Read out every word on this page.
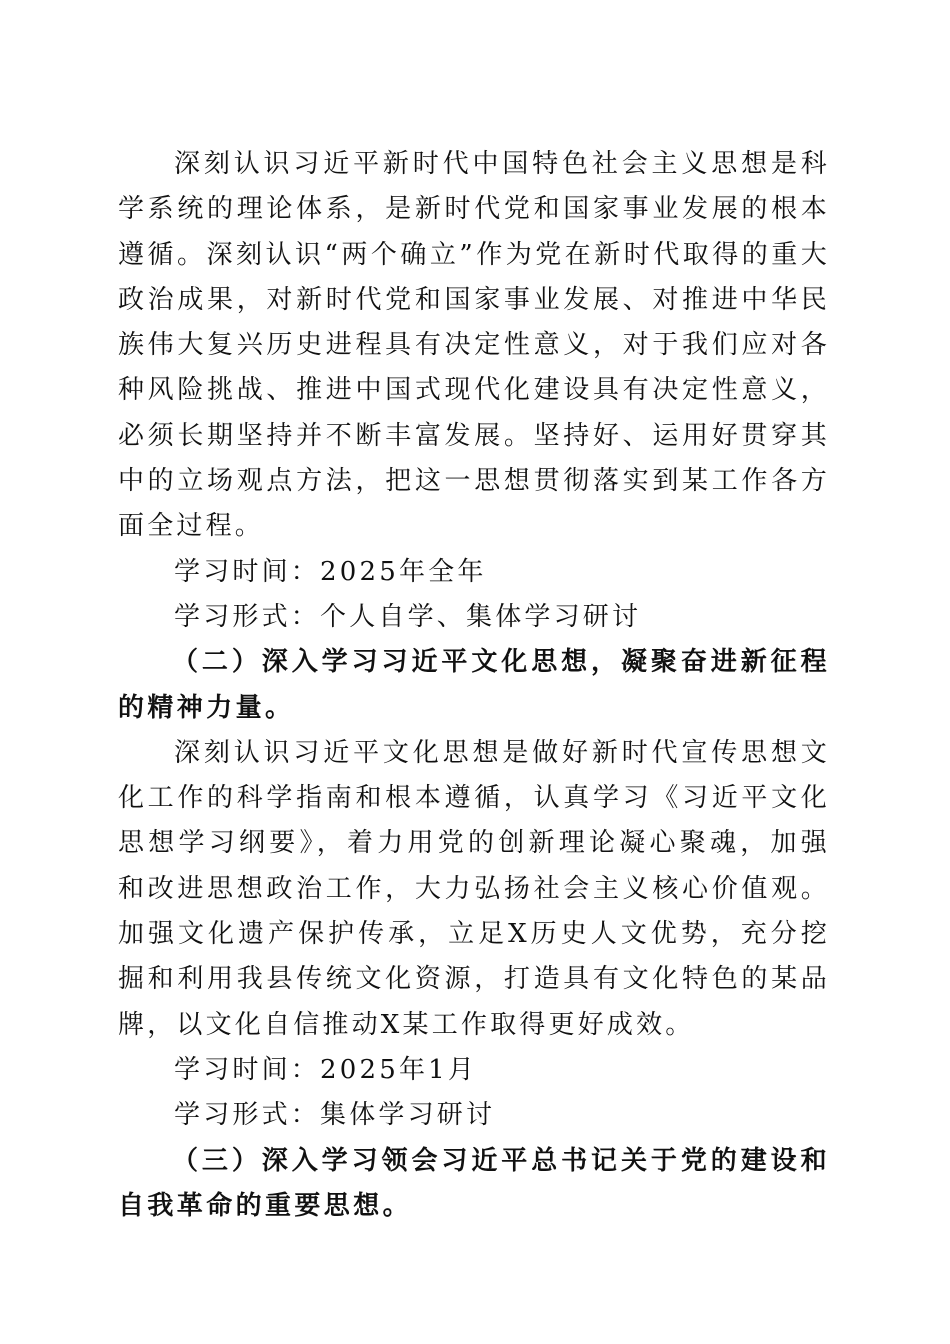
深刻认识习近平新时代中国特色社会主义思想是科学系统的理论体系，是新时代党和国家事业发展的根本遵循。深刻认识“两个确立”作为党在新时代取得的重大政治成果，对新时代党和国家事业发展、对推进中华民族伟大复兴历史进程具有决定性意义，对于我们应对各种风险挑战、推进中国式现代化建设具有决定性意义，必须长期坚持并不断丰富发展。坚持好、运用好贯穿其中的立场观点方法，把这一思想贯彻落实到某工作各方面全过程。

学习时间：2025年全年

学习形式：个人自学、集体学习研讨

（二）深入学习习近平文化思想，凝聚奋进新征程的精神力量。

深刻认识习近平文化思想是做好新时代宣传思想文化工作的科学指南和根本遵循，认真学习《习近平文化思想学习纲要》，着力用党的创新理论凝心聚魂，加强和改进思想政治工作，大力弘扬社会主义核心价值观。加强文化遗产保护传承，立足X历史人文优势，充分挖掘和利用我县传统文化资源，打造具有文化特色的某品牌，以文化自信推动X某工作取得更好成效。

学习时间：2025年1月

学习形式：集体学习研讨

（三）深入学习领会习近平总书记关于党的建设和自我革命的重要思想。
